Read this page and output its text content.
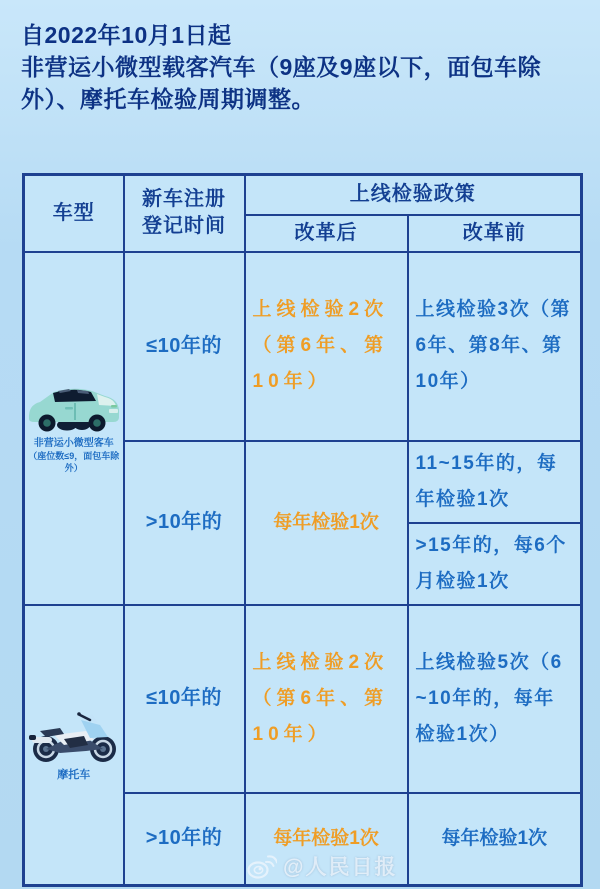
自2022年10月1日起
非营运小微型载客汽车（9座及9座以下，面包车除外）、摩托车检验周期调整。
车型	新车注册登记时间	上线检验政策	
		改革后	改革前

非营运小微型客车
（座位数≤9，面包车除外）	≤10年的	上线检验2次（第6年、第10年）	上线检验3次（第6年、第8年、第10年）
	>10年的	每年检验1次	11~15年的，每年检验1次
			>15年的，每6个月检验1次

摩托车	≤10年的	上线检验2次（第6年、第10年）	上线检验5次（6~10年的，每年检验1次）
	>10年的	每年检验1次	每年检验1次
@人民日报
